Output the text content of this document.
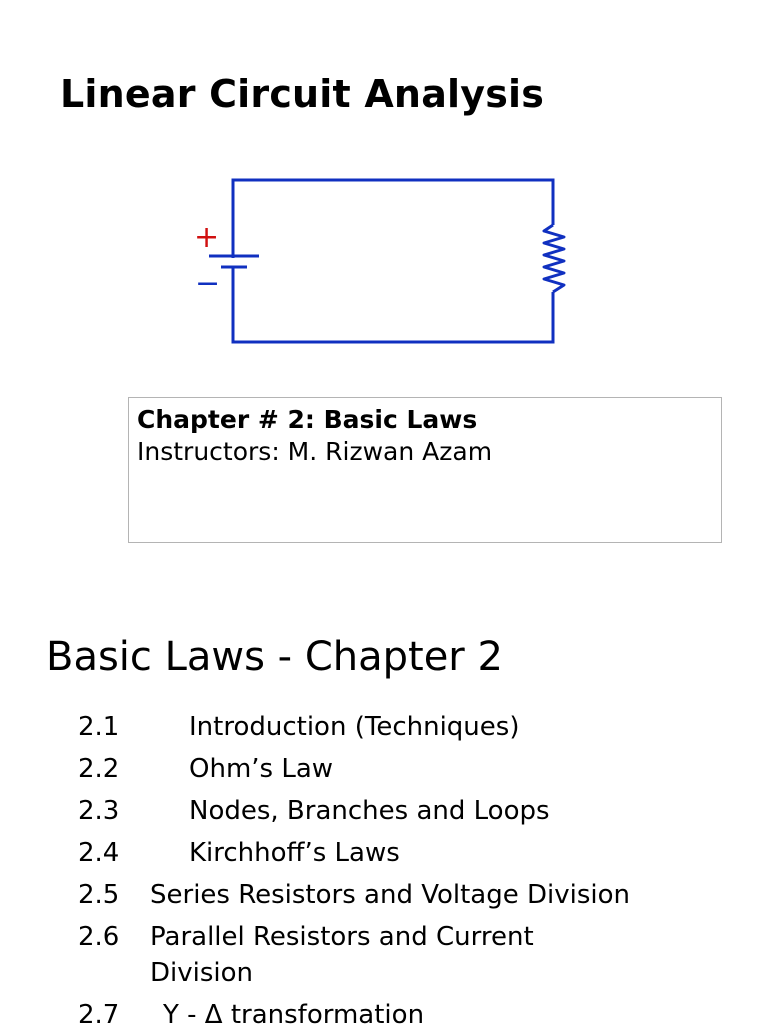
Linear Circuit Analysis
+
−
Chapter # 2: Basic Laws
Instructors: M. Rizwan Azam
Basic Laws - Chapter 2
2.1	Introduction (Techniques)
2.2	Ohm’s Law
2.3	Nodes, Branches and Loops
2.4	Kirchhoff’s Laws
2.5 Series Resistors and Voltage Division
2.6 Parallel Resistors and Current
Division
2.7 Y - Δ transformation
